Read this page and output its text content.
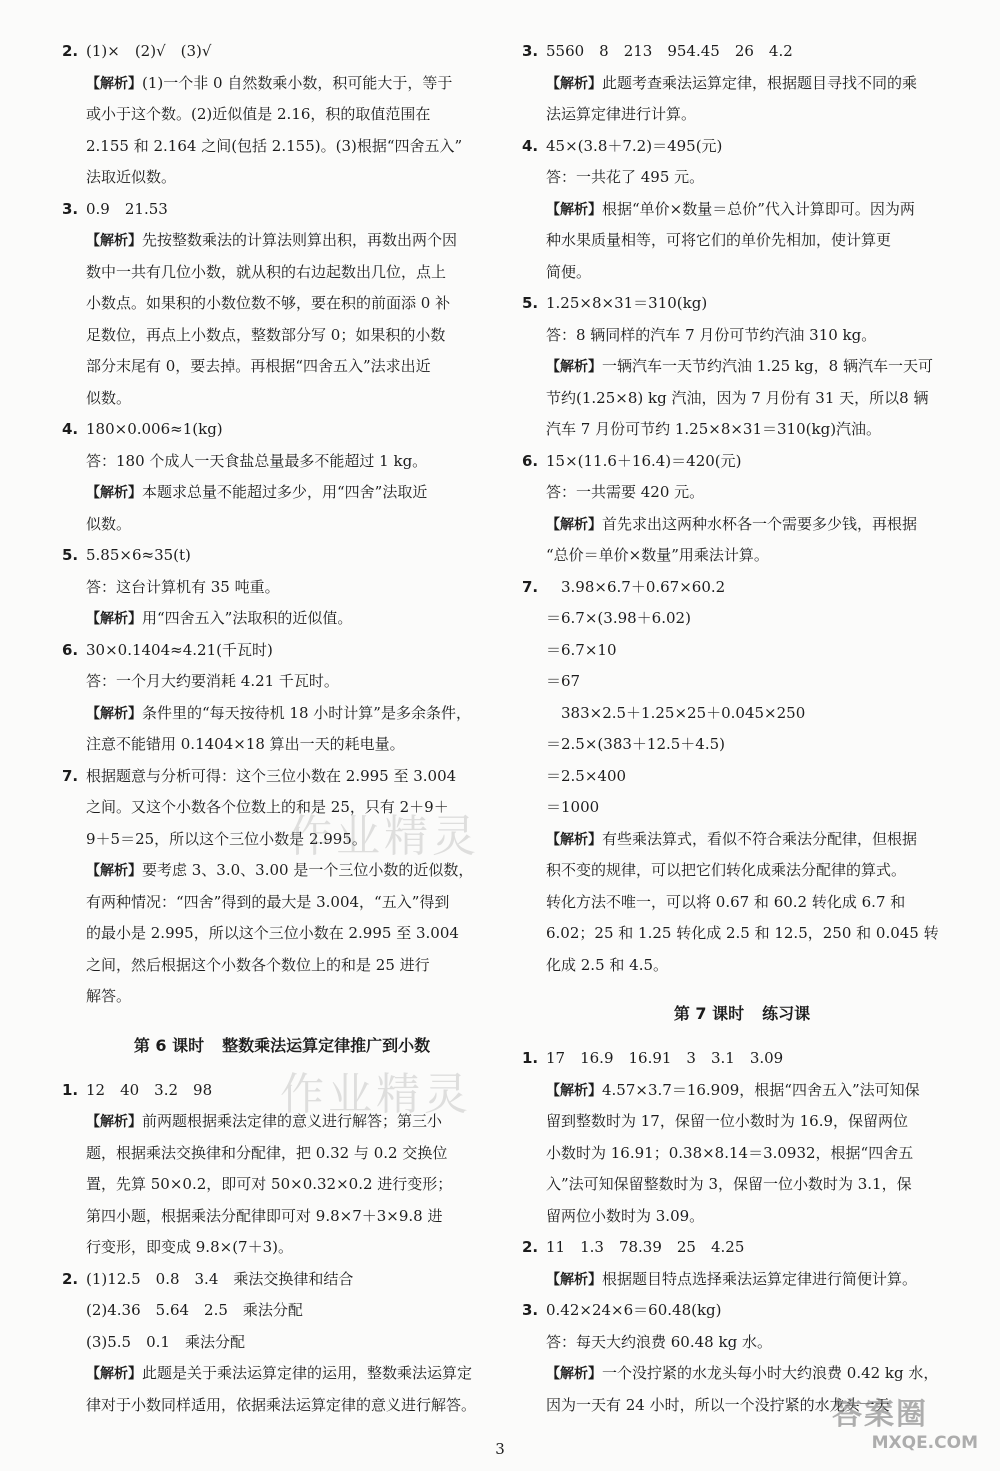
2. (1)×　(2)√　(3)√
【解析】(1)一个非 0 自然数乘小数，积可能大于，等于
或小于这个数。(2)近似值是 2.16，积的取值范围在
2.155 和 2.164 之间(包括 2.155)。(3)根据“四舍五入”
法取近似数。
3. 0.9　21.53
【解析】先按整数乘法的计算法则算出积，再数出两个因
数中一共有几位小数，就从积的右边起数出几位，点上
小数点。如果积的小数位数不够，要在积的前面添 0 补
足数位，再点上小数点，整数部分写 0；如果积的小数
部分末尾有 0，要去掉。再根据“四舍五入”法求出近
似数。
4. 180×0.006≈1(kg)
答：180 个成人一天食盐总量最多不能超过 1 kg。
【解析】本题求总量不能超过多少，用“四舍”法取近
似数。
5. 5.85×6≈35(t)
答：这台计算机有 35 吨重。
【解析】用“四舍五入”法取积的近似值。
6. 30×0.1404≈4.21(千瓦时)
答：一个月大约要消耗 4.21 千瓦时。
【解析】条件里的“每天按待机 18 小时计算”是多余条件，
注意不能错用 0.1404×18 算出一天的耗电量。
7. 根据题意与分析可得：这个三位小数在 2.995 至 3.004
之间。又这个小数各个位数上的和是 25，只有 2＋9＋
9＋5＝25，所以这个三位小数是 2.995。
【解析】要考虑 3、3.0、3.00 是一个三位小数的近似数，
有两种情况：“四舍”得到的最大是 3.004，“五入”得到
的最小是 2.995，所以这个三位小数在 2.995 至 3.004
之间，然后根据这个小数各个数位上的和是 25 进行
解答。
第 6 课时 整数乘法运算定律推广到小数
1. 12　40　3.2　98
【解析】前两题根据乘法定律的意义进行解答；第三小
题，根据乘法交换律和分配律，把 0.32 与 0.2 交换位
置，先算 50×0.2，即可对 50×0.32×0.2 进行变形；
第四小题，根据乘法分配律即可对 9.8×7＋3×9.8 进
行变形，即变成 9.8×(7＋3)。
2. (1)12.5　0.8　3.4　乘法交换律和结合
(2)4.36　5.64　2.5　乘法分配
(3)5.5　0.1　乘法分配
【解析】此题是关于乘法运算定律的运用，整数乘法运算定
律对于小数同样适用，依据乘法运算定律的意义进行解答。
3. 5560　8　213　954.45　26　4.2
【解析】此题考查乘法运算定律，根据题目寻找不同的乘
法运算定律进行计算。
4. 45×(3.8＋7.2)＝495(元)
答：一共花了 495 元。
【解析】根据“单价×数量＝总价”代入计算即可。因为两
种水果质量相等，可将它们的单价先相加，使计算更
简便。
5. 1.25×8×31＝310(kg)
答：8 辆同样的汽车 7 月份可节约汽油 310 kg。
【解析】一辆汽车一天节约汽油 1.25 kg，8 辆汽车一天可
节约(1.25×8) kg 汽油，因为 7 月份有 31 天，所以8 辆
汽车 7 月份可节约 1.25×8×31＝310(kg)汽油。
6. 15×(11.6＋16.4)＝420(元)
答：一共需要 420 元。
【解析】首先求出这两种水杯各一个需要多少钱，再根据
“总价＝单价×数量”用乘法计算。
7.　3.98×6.7＋0.67×60.2
＝6.7×(3.98＋6.02)
＝6.7×10
＝67
　383×2.5＋1.25×25＋0.045×250
＝2.5×(383＋12.5＋4.5)
＝2.5×400
＝1000
【解析】有些乘法算式，看似不符合乘法分配律，但根据
积不变的规律，可以把它们转化成乘法分配律的算式。
转化方法不唯一，可以将 0.67 和 60.2 转化成 6.7 和
6.02；25 和 1.25 转化成 2.5 和 12.5，250 和 0.045 转
化成 2.5 和 4.5。
第 7 课时 练习课
1. 17　16.9　16.91　3　3.1　3.09
【解析】4.57×3.7＝16.909，根据“四舍五入”法可知保
留到整数时为 17，保留一位小数时为 16.9，保留两位
小数时为 16.91；0.38×8.14＝3.0932，根据“四舍五
入”法可知保留整数时为 3，保留一位小数时为 3.1，保
留两位小数时为 3.09。
2. 11　1.3　78.39　25　4.25
【解析】根据题目特点选择乘法运算定律进行简便计算。
3. 0.42×24×6＝60.48(kg)
答：每天大约浪费 60.48 kg 水。
【解析】一个没拧紧的水龙头每小时大约浪费 0.42 kg 水，
因为一天有 24 小时，所以一个没拧紧的水龙头一天
作业精灵
作业精灵
答案圈
MXQE.COM
3
